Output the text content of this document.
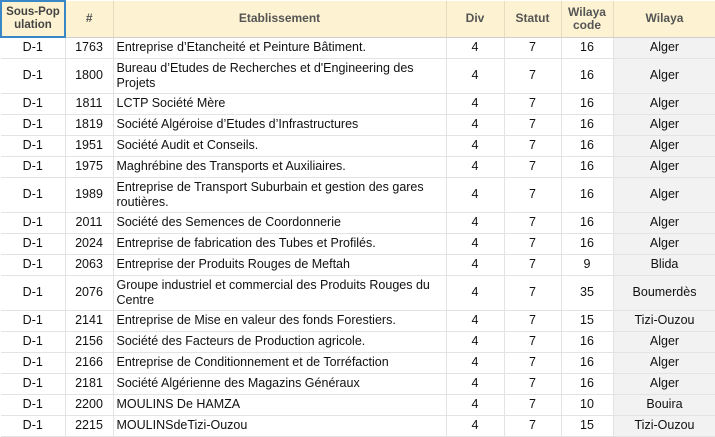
Sous-Pop ulation	#	Etablissement	Div	Statut	Wilaya code	Wilaya
D-1	1763	Entreprise d’Etancheité et Peinture Bâtiment.	4	7	16	Alger
D-1	1800	Bureau d’Etudes de Recherches et d'Engineering des Projets	4	7	16	Alger
D-1	1811	LCTP Société Mère	4	7	16	Alger
D-1	1819	Société Algéroise d’Etudes d’Infrastructures	4	7	16	Alger
D-1	1951	Société Audit et Conseils.	4	7	16	Alger
D-1	1975	Maghrébine des Transports et Auxiliaires.	4	7	16	Alger
D-1	1989	Entreprise de Transport Suburbain et gestion des gares routières.	4	7	16	Alger
D-1	2011	Société des Semences de Coordonnerie	4	7	16	Alger
D-1	2024	Entreprise de fabrication des Tubes et Profilés.	4	7	16	Alger
D-1	2063	Entreprise der Produits Rouges de Meftah	4	7	9	Blida
D-1	2076	Groupe industriel et commercial des Produits Rouges du Centre	4	7	35	Boumerdès
D-1	2141	Entreprise de Mise en valeur des fonds Forestiers.	4	7	15	Tizi-Ouzou
D-1	2156	Société des Facteurs de Production agricole.	4	7	16	Alger
D-1	2166	Entreprise de Conditionnement et de Torréfaction	4	7	16	Alger
D-1	2181	Société Algérienne des Magazins Généraux	4	7	16	Alger
D-1	2200	MOULINS De HAMZA	4	7	10	Bouira
D-1	2215	MOULINSdeTizi-Ouzou	4	7	15	Tizi-Ouzou
